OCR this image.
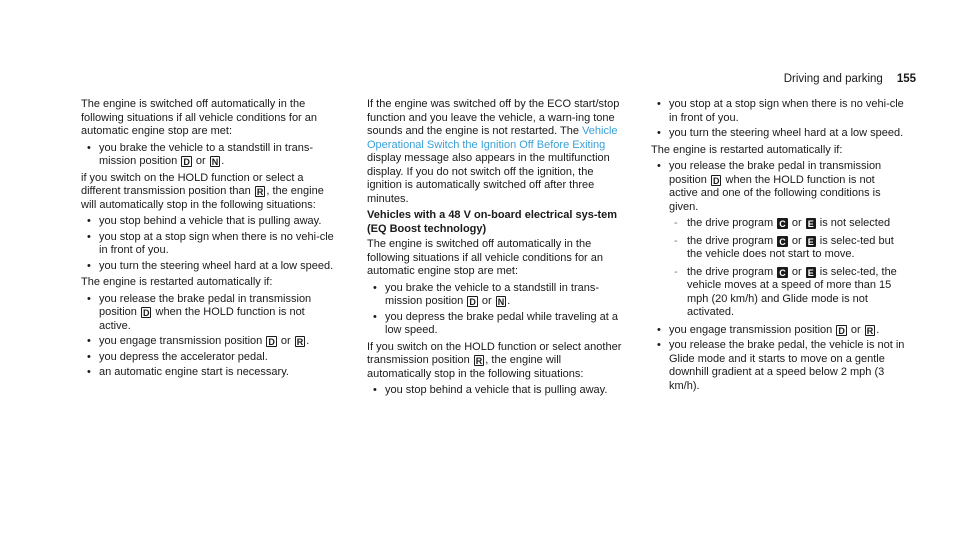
Driving and parking 155

The engine is switched off automatically in the following situations if all vehicle conditions for an automatic engine stop are met:

• you brake the vehicle to a standstill in trans-mission position D or N .

if you switch on the HOLD function or select a different transmission position than R , the engine will automatically stop in the following situations:

• you stop behind a vehicle that is pulling away.
• you stop at a stop sign when there is no vehi-cle in front of you.
• you turn the steering wheel hard at a low speed.

The engine is restarted automatically if:

• you release the brake pedal in transmission position D when the HOLD function is not active.
• you engage transmission position D or R .
• you depress the accelerator pedal.
• an automatic engine start is necessary.

If the engine was switched off by the ECO start/stop function and you leave the vehicle, a warn-ing tone sounds and the engine is not restarted. The Vehicle Operational Switch the Ignition Off Before Exiting display message also appears in the multifunction display. If you do not switch off the ignition, the ignition is automatically switched off after three minutes.

Vehicles with a 48 V on-board electrical sys-tem (EQ Boost technology)

The engine is switched off automatically in the following situations if all vehicle conditions for an automatic engine stop are met:

• you brake the vehicle to a standstill in trans-mission position D or N .
• you depress the brake pedal while traveling at a low speed.

If you switch on the HOLD function or select another transmission position R , the engine will automatically stop in the following situations:

• you stop behind a vehicle that is pulling away.
• you stop at a stop sign when there is no vehi-cle in front of you.
• you turn the steering wheel hard at a low speed.

The engine is restarted automatically if:

• you release the brake pedal in transmission position D when the HOLD function is not active and one of the following conditions is given.
- the drive program C or E is not selected
- the drive program C or E is selec-ted but the vehicle does not start to move.
- the drive program C or E is selec-ted, the vehicle moves at a speed of more than 15 mph (20 km/h) and Glide mode is not activated.
• you engage transmission position D or R .
• you release the brake pedal, the vehicle is not in Glide mode and it starts to move on a gentle downhill gradient at a speed below 2 mph (3 km/h).
